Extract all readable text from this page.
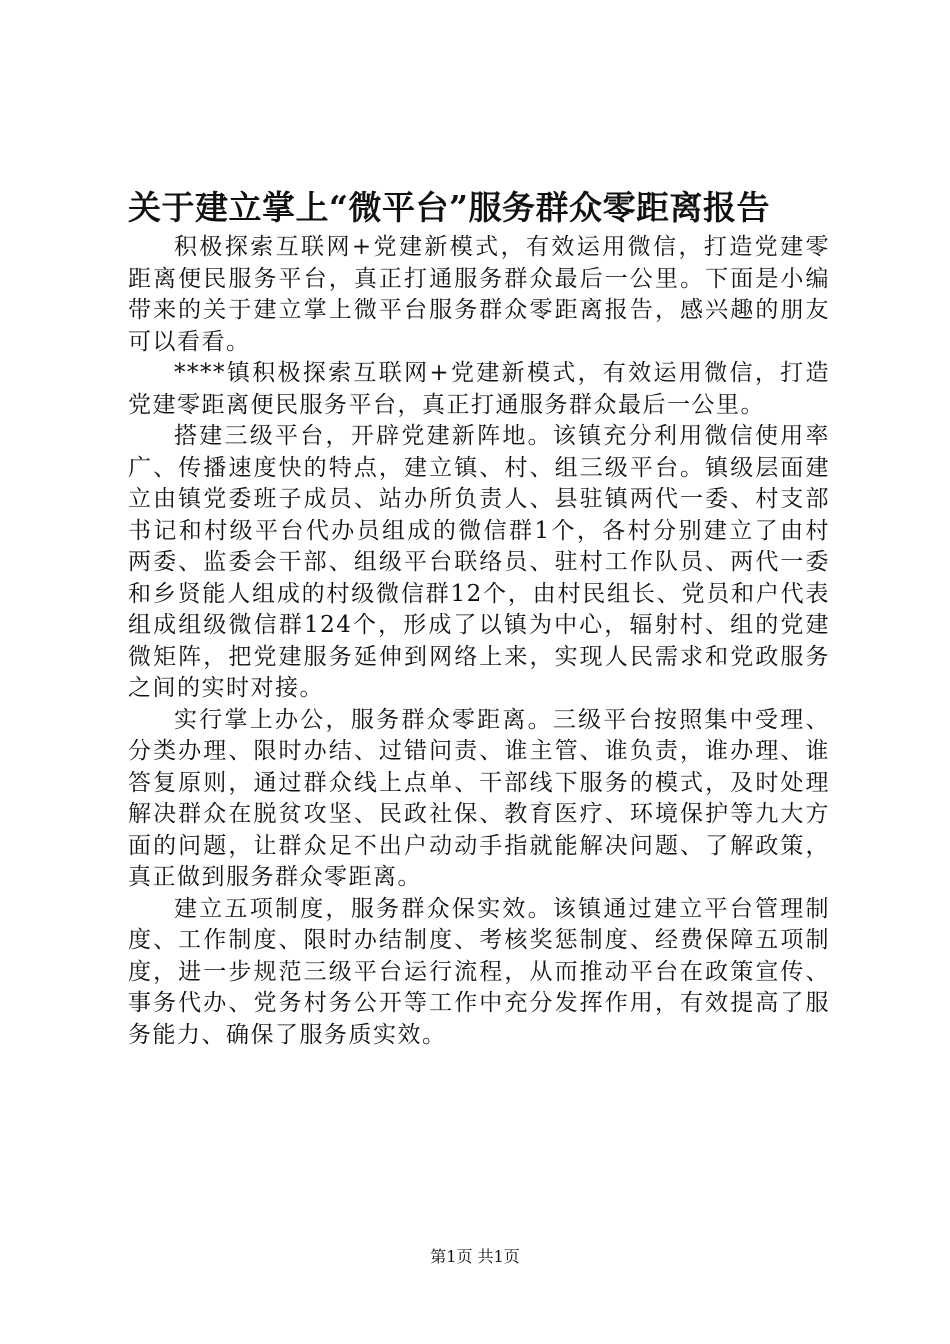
关于建立掌上“微平台”服务群众零距离报告

积极探索互联网+党建新模式，有效运用微信，打造党建零距离便民服务平台，真正打通服务群众最后一公里。下面是小编带来的关于建立掌上微平台服务群众零距离报告，感兴趣的朋友可以看看。

****镇积极探索互联网+党建新模式，有效运用微信，打造党建零距离便民服务平台，真正打通服务群众最后一公里。

搭建三级平台，开辟党建新阵地。该镇充分利用微信使用率广、传播速度快的特点，建立镇、村、组三级平台。镇级层面建立由镇党委班子成员、站办所负责人、县驻镇两代一委、村支部书记和村级平台代办员组成的微信群1个，各村分别建立了由村两委、监委会干部、组级平台联络员、驻村工作队员、两代一委和乡贤能人组成的村级微信群12个，由村民组长、党员和户代表组成组级微信群124个，形成了以镇为中心，辐射村、组的党建微矩阵，把党建服务延伸到网络上来，实现人民需求和党政服务之间的实时对接。

实行掌上办公，服务群众零距离。三级平台按照集中受理、分类办理、限时办结、过错问责、谁主管、谁负责，谁办理、谁答复原则，通过群众线上点单、干部线下服务的模式，及时处理解决群众在脱贫攻坚、民政社保、教育医疗、环境保护等九大方面的问题，让群众足不出户动动手指就能解决问题、了解政策，真正做到服务群众零距离。

建立五项制度，服务群众保实效。该镇通过建立平台管理制度、工作制度、限时办结制度、考核奖惩制度、经费保障五项制度，进一步规范三级平台运行流程，从而推动平台在政策宣传、事务代办、党务村务公开等工作中充分发挥作用，有效提高了服务能力、确保了服务质实效。

第1页 共1页
